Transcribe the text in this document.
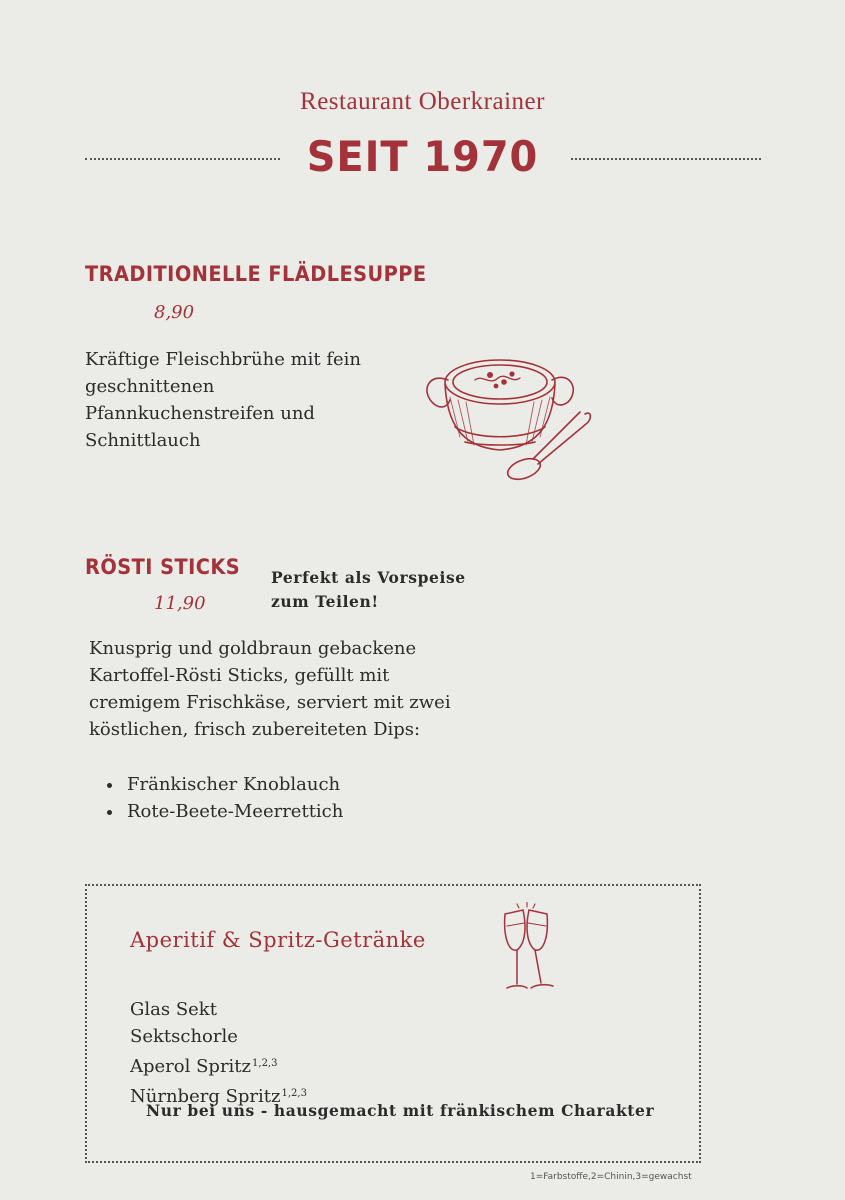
Restaurant Oberkrainer
SEIT 1970
TRADITIONELLE FLÄDLESUPPE
8,90
Kräftige Fleischbrühe mit fein
geschnittenen
Pfannkuchenstreifen und
Schnittlauch
RÖSTI STICKS
11,90
Perfekt als Vorspeise
zum Teilen!
Knusprig und goldbraun gebackene
Kartoffel-Rösti Sticks, gefüllt mit
cremigem Frischkäse, serviert mit zwei
köstlichen, frisch zubereiteten Dips:
• Fränkischer Knoblauch
• Rote-Beete-Meerrettich
Aperitif & Spritz-Getränke
Glas Sekt
Sektschorle
Aperol Spritz$^{1,2,3}$
Nürnberg Spritz$^{1,2,3}$
Nur bei uns - hausgemacht mit fränkischem Charakter
1=Farbstoffe,2=Chinin,3=gewachst
